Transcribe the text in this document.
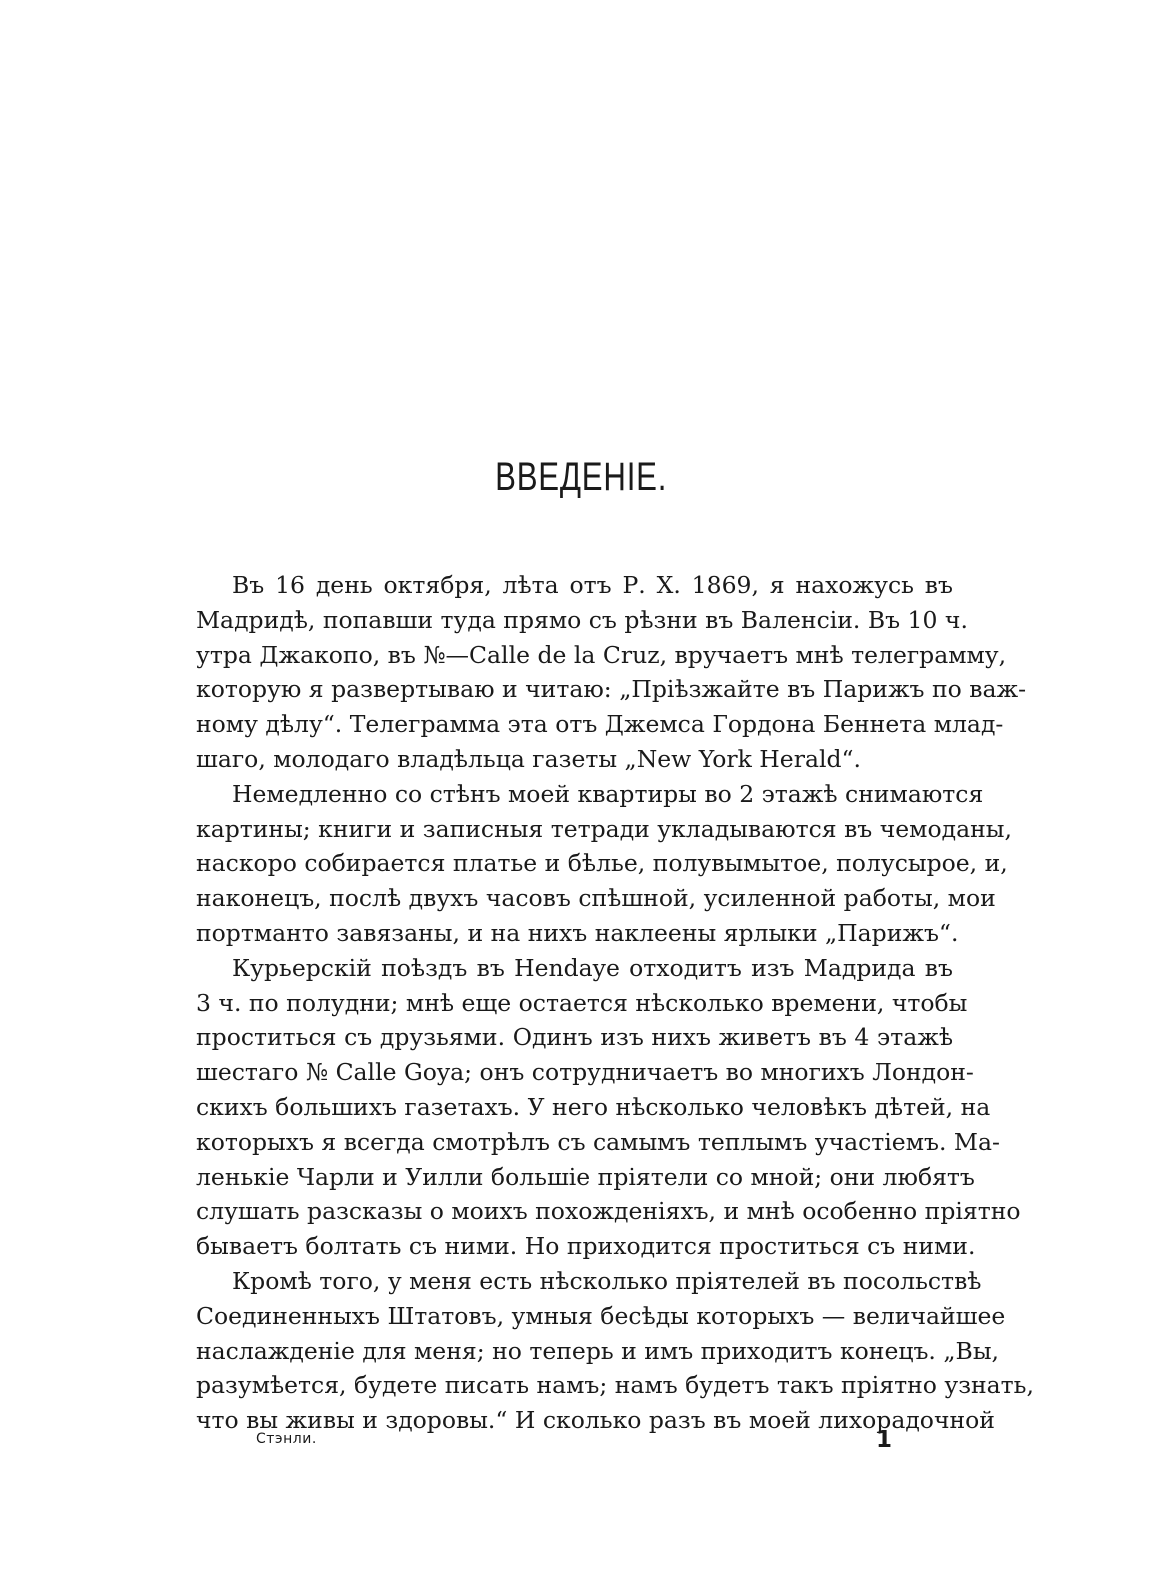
ВВЕДЕНІЕ.
Въ 16 день октября, лѣта отъ Р. Х. 1869, я нахожусь въ
Мадридѣ, попавши туда прямо съ рѣзни въ Валенсіи. Въ 10 ч.
утра Джакопо, въ №—Calle de la Cruz, вручаетъ мнѣ телеграмму,
которую я развертываю и читаю: „Пріѣзжайте въ Парижъ по важ-
ному дѣлу“. Телеграмма эта отъ Джемса Гордона Беннета млад-
шаго, молодаго владѣльца газеты „New York Herald“.
Немедленно со стѣнъ моей квартиры во 2 этажѣ снимаются
картины; книги и записныя тетради укладываются въ чемоданы,
наскоро собирается платье и бѣлье, полувымытое, полусырое, и,
наконецъ, послѣ двухъ часовъ спѣшной, усиленной работы, мои
портманто завязаны, и на нихъ наклеены ярлыки „Парижъ“.
Курьерскій поѣздъ въ Hendaye отходитъ изъ Мадрида въ
3 ч. по полудни; мнѣ еще остается нѣсколько времени, чтобы
проститься съ друзьями. Одинъ изъ нихъ живетъ въ 4 этажѣ
шестаго № Calle Goya; онъ сотрудничаетъ во многихъ Лондон-
скихъ большихъ газетахъ. У него нѣсколько человѣкъ дѣтей, на
которыхъ я всегда смотрѣлъ съ самымъ теплымъ участіемъ. Ма-
ленькіе Чарли и Уилли большіе пріятели со мной; они любятъ
слушать разсказы о моихъ похожденіяхъ, и мнѣ особенно пріятно
бываетъ болтать съ ними. Но приходится проститься съ ними.
Кромѣ того, у меня есть нѣсколько пріятелей въ посольствѣ
Соединенныхъ Штатовъ, умныя бесѣды которыхъ — величайшее
наслажденіе для меня; но теперь и имъ приходитъ конецъ. „Вы,
разумѣется, будете писать намъ; намъ будетъ такъ пріятно узнать,
что вы живы и здоровы.“ И сколько разъ въ моей лихорадочной
Стэнли.	1
